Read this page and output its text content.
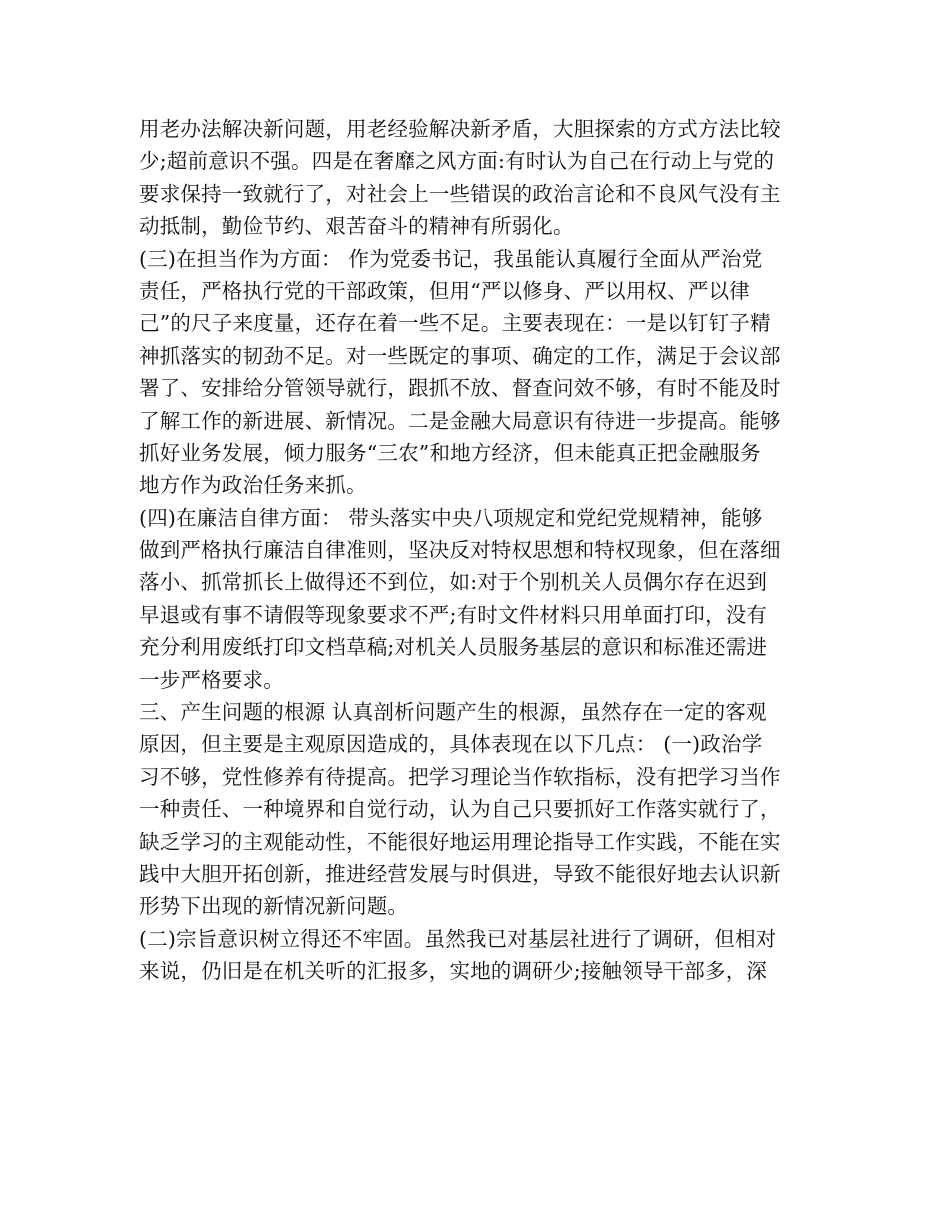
用老办法解决新问题，用老经验解决新矛盾，大胆探索的方式方法比较
少;超前意识不强。四是在奢靡之风方面:有时认为自己在行动上与党的
要求保持一致就行了，对社会上一些错误的政治言论和不良风气没有主
动抵制，勤俭节约、艰苦奋斗的精神有所弱化。
(三)在担当作为方面： 作为党委书记，我虽能认真履行全面从严治党
责任，严格执行党的干部政策，但用“严以修身、严以用权、严以律
己”的尺子来度量，还存在着一些不足。主要表现在：一是以钉钉子精
神抓落实的韧劲不足。对一些既定的事项、确定的工作，满足于会议部
署了、安排给分管领导就行，跟抓不放、督查问效不够，有时不能及时
了解工作的新进展、新情况。二是金融大局意识有待进一步提高。能够
抓好业务发展，倾力服务“三农”和地方经济，但未能真正把金融服务
地方作为政治任务来抓。
(四)在廉洁自律方面： 带头落实中央八项规定和党纪党规精神，能够
做到严格执行廉洁自律准则，坚决反对特权思想和特权现象，但在落细
落小、抓常抓长上做得还不到位，如:对于个别机关人员偶尔存在迟到
早退或有事不请假等现象要求不严;有时文件材料只用单面打印，没有
充分利用废纸打印文档草稿;对机关人员服务基层的意识和标准还需进
一步严格要求。
三、产生问题的根源 认真剖析问题产生的根源，虽然存在一定的客观
原因，但主要是主观原因造成的，具体表现在以下几点： (一)政治学
习不够，党性修养有待提高。把学习理论当作软指标，没有把学习当作
一种责任、一种境界和自觉行动，认为自己只要抓好工作落实就行了，
缺乏学习的主观能动性，不能很好地运用理论指导工作实践，不能在实
践中大胆开拓创新，推进经营发展与时俱进，导致不能很好地去认识新
形势下出现的新情况新问题。
(二)宗旨意识树立得还不牢固。虽然我已对基层社进行了调研，但相对
来说，仍旧是在机关听的汇报多，实地的调研少;接触领导干部多，深
